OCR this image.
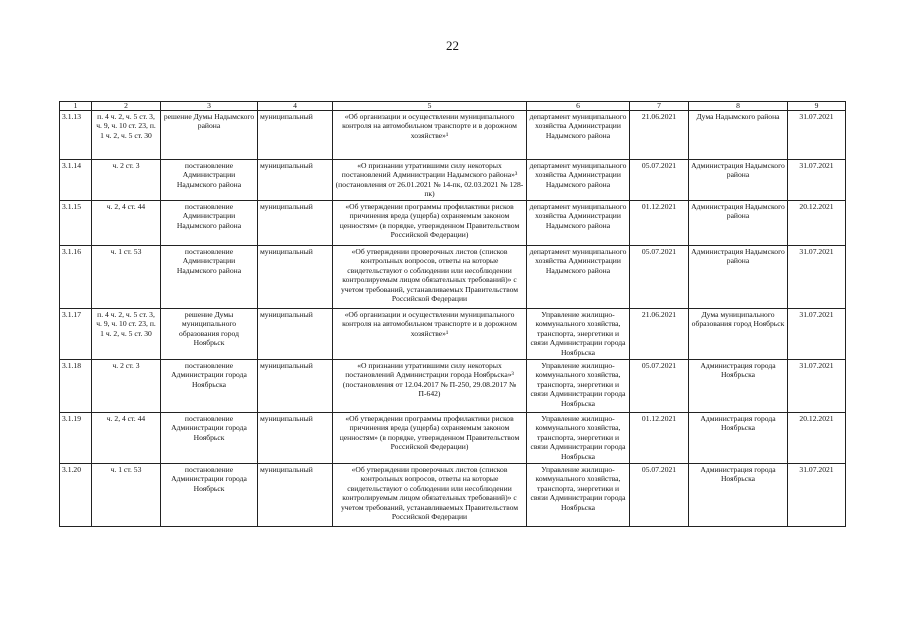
22
1	2	3	4	5	6	7	8	9
3.1.13	п. 4 ч. 2, ч. 5 ст. 3, ч. 9, ч. 10 ст. 23, п. 1 ч. 2, ч. 5 ст. 30	решение Думы Надымского района	муниципальный	«Об организации и осуществлении муниципального контроля на автомобильном транспорте и в дорожном хозяйстве»¹	департамент муниципального хозяйства Администрации Надымского района	21.06.2021	Дума Надымского района	31.07.2021
3.1.14	ч. 2 ст. 3	постановление Администрации Надымского района	муниципальный	«О признании утратившими силу некоторых постановлений Администрации Надымского района»³ (постановления от 26.01.2021 № 14-пк, 02.03.2021 № 128-пк)	департамент муниципального хозяйства Администрации Надымского района	05.07.2021	Администрация Надымского района	31.07.2021
3.1.15	ч. 2, 4 ст. 44	постановление Администрации Надымского района	муниципальный	«Об утверждении программы профилактики рисков причинения вреда (ущерба) охраняемым законом ценностям» (в порядке, утвержденном Правительством Российской Федерации)	департамент муниципального хозяйства Администрации Надымского района	01.12.2021	Администрация Надымского района	20.12.2021
3.1.16	ч. 1 ст. 53	постановление Администрации Надымского района	муниципальный	«Об утверждении проверочных листов (списков контрольных вопросов, ответы на которые свидетельствуют о соблюдении или несоблюдении контролируемым лицом обязательных требований)» с учетом требований, устанавливаемых Правительством Российской Федерации	департамент муниципального хозяйства Администрации Надымского района	05.07.2021	Администрация Надымского района	31.07.2021
3.1.17	п. 4 ч. 2, ч. 5 ст. 3, ч. 9, ч. 10 ст. 23, п. 1 ч. 2, ч. 5 ст. 30	решение Думы муниципального образования город Ноябрьск	муниципальный	«Об организации и осуществлении муниципального контроля на автомобильном транспорте и в дорожном хозяйстве»¹	Управление жилищно-коммунального хозяйства, транспорта, энергетики и связи Администрации города Ноябрьска	21.06.2021	Дума муниципального образования город Ноябрьск	31.07.2021
3.1.18	ч. 2 ст. 3	постановление Администрации города Ноябрьска	муниципальный	«О признании утратившими силу некоторых постановлений Администрации города Ноябрьска»³ (постановления от 12.04.2017 № П-250, 29.08.2017 № П-642)	Управление жилищно-коммунального хозяйства, транспорта, энергетики и связи Администрации города Ноябрьска	05.07.2021	Администрация города Ноябрьска	31.07.2021
3.1.19	ч. 2, 4 ст. 44	постановление Администрации города Ноябрьск	муниципальный	«Об утверждении программы профилактики рисков причинения вреда (ущерба) охраняемым законом ценностям» (в порядке, утвержденном Правительством Российской Федерации)	Управление жилищно-коммунального хозяйства, транспорта, энергетики и связи Администрации города Ноябрьска	01.12.2021	Администрация города Ноябрьска	20.12.2021
3.1.20	ч. 1 ст. 53	постановление Администрации города Ноябрьск	муниципальный	«Об утверждении проверочных листов (списков контрольных вопросов, ответы на которые свидетельствуют о соблюдении или несоблюдении контролируемым лицом обязательных требований)» с учетом требований, устанавливаемых Правительством Российской Федерации	Управление жилищно-коммунального хозяйства, транспорта, энергетики и связи Администрации города Ноябрьска	05.07.2021	Администрация города Ноябрьска	31.07.2021
